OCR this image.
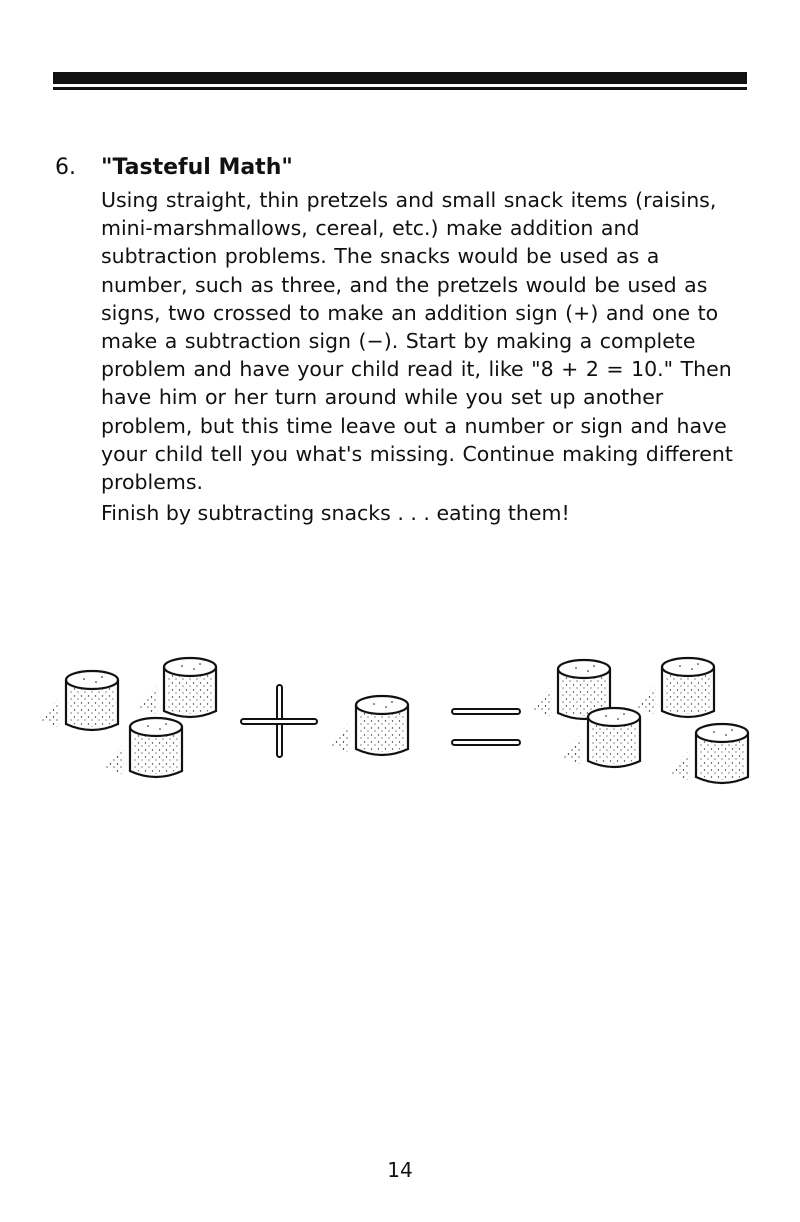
6. "Tasteful Math"

Using straight, thin pretzels and small snack items (raisins, mini-marshmallows, cereal, etc.) make addition and subtraction problems. The snacks would be used as a number, such as three, and the pretzels would be used as signs, two crossed to make an addition sign (+) and one to make a subtraction sign (−). Start by making a complete problem and have your child read it, like "8 + 2 = 10." Then have him or her turn around while you set up another problem, but this time leave out a number or sign and have your child tell you what's missing. Continue making different problems.

Finish by subtracting snacks . . . eating them!

14
